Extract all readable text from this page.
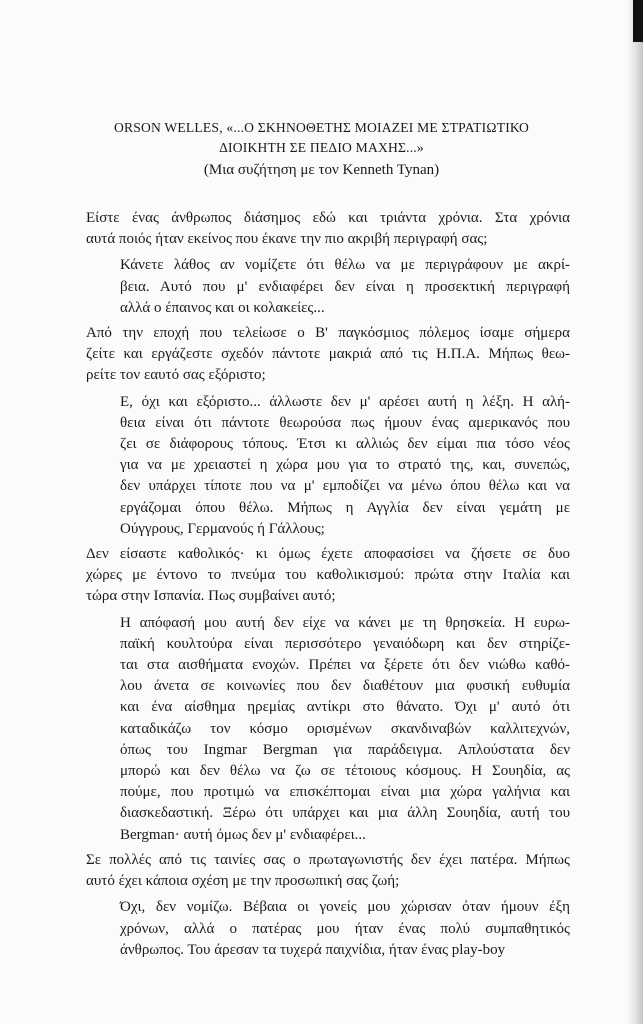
ORSON WELLES, «...Ο ΣΚΗΝΟΘΕΤΗΣ ΜΟΙΑΖΕΙ ΜΕ ΣΤΡΑΤΙΩΤΙΚΟ
ΔΙΟΙΚΗΤΗ ΣΕ ΠΕΔΙΟ ΜΑΧΗΣ...»
(Μια συζήτηση με τον Kenneth Tynan)
Είστε ένας άνθρωπος διάσημος εδώ και τριάντα χρόνια. Στα χρόνια
αυτά ποιός ήταν εκείνος που έκανε την πιο ακριβή περιγραφή σας;
Κάνετε λάθος αν νομίζετε ότι θέλω να με περιγράφουν με ακρί-
βεια. Αυτό που μ' ενδιαφέρει δεν είναι η προσεκτική περιγραφή
αλλά ο έπαινος και οι κολακείες...
Από την εποχή που τελείωσε ο Β' παγκόσμιος πόλεμος ίσαμε σήμερα
ζείτε και εργάζεστε σχεδόν πάντοτε μακριά από τις Η.Π.Α. Μήπως θεω-
ρείτε τον εαυτό σας εξόριστο;
Ε, όχι και εξόριστο... άλλωστε δεν μ' αρέσει αυτή η λέξη. Η αλή-
θεια είναι ότι πάντοτε θεωρούσα πως ήμουν ένας αμερικανός που
ζει σε διάφορους τόπους. Έτσι κι αλλιώς δεν είμαι πια τόσο νέος
για να με χρειαστεί η χώρα μου για το στρατό της, και, συνεπώς,
δεν υπάρχει τίποτε που να μ' εμποδίζει να μένω όπου θέλω και να
εργάζομαι όπου θέλω. Μήπως η Αγγλία δεν είναι γεμάτη με
Ούγγρους, Γερμανούς ή Γάλλους;
Δεν είσαστε καθολικός· κι όμως έχετε αποφασίσει να ζήσετε σε δυο
χώρες με έντονο το πνεύμα του καθολικισμού: πρώτα στην Ιταλία και
τώρα στην Ισπανία. Πως συμβαίνει αυτό;
Η απόφασή μου αυτή δεν είχε να κάνει με τη θρησκεία. Η ευρω-
παϊκή κουλτούρα είναι περισσότερο γεναιόδωρη και δεν στηρίζε-
ται στα αισθήματα ενοχών. Πρέπει να ξέρετε ότι δεν νιώθω καθό-
λου άνετα σε κοινωνίες που δεν διαθέτουν μια φυσική ευθυμία
και ένα αίσθημα ηρεμίας αντίκρι στο θάνατο. Όχι μ' αυτό ότι
καταδικάζω τον κόσμο ορισμένων σκανδιναβών καλλιτεχνών,
όπως του Ingmar Bergman για παράδειγμα. Απλούστατα δεν
μπορώ και δεν θέλω να ζω σε τέτοιους κόσμους. Η Σουηδία, ας
πούμε, που προτιμώ να επισκέπτομαι είναι μια χώρα γαλήνια και
διασκεδαστική. Ξέρω ότι υπάρχει και μια άλλη Σουηδία, αυτή του
Bergman· αυτή όμως δεν μ' ενδιαφέρει...
Σε πολλές από τις ταινίες σας ο πρωταγωνιστής δεν έχει πατέρα. Μήπως
αυτό έχει κάποια σχέση με την προσωπική σας ζωή;
Όχι, δεν νομίζω. Βέβαια οι γονείς μου χώρισαν όταν ήμουν έξη
χρόνων, αλλά ο πατέρας μου ήταν ένας πολύ συμπαθητικός
άνθρωπος. Του άρεσαν τα τυχερά παιχνίδια, ήταν ένας play-boy
